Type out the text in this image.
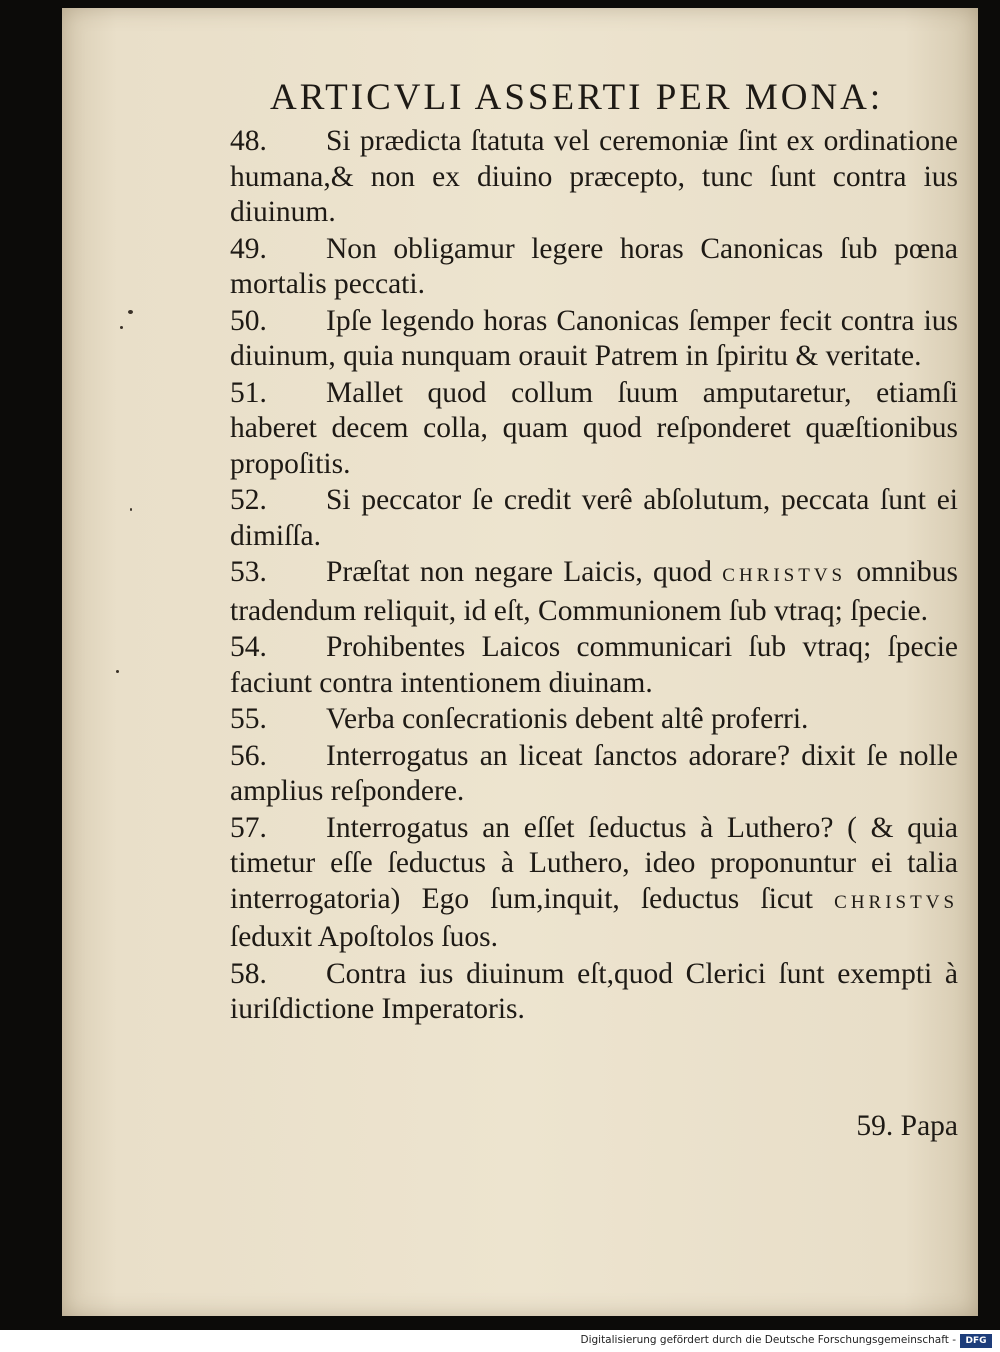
ARTICVLI ASSERTI PER MONA:

48. Si prædicta ſtatuta vel ceremoniæ ſint ex ordinatione humana,& non ex diuino præcepto, tunc ſunt contra ius diuinum.

49. Non obligamur legere horas Canonicas ſub pœna mortalis peccati.

50. Ipſe legendo horas Canonicas ſemper fecit contra ius diuinum, quia nunquam orauit Patrem in ſpiritu & veritate.

51. Mallet quod collum ſuum amputaretur, etiamſi haberet decem colla, quam quod reſponderet quæſtionibus propoſitis.

52. Si peccator ſe credit verê abſolutum, peccata ſunt ei dimiſſa.

53. Præſtat non negare Laicis, quod CHRISTVS omnibus tradendum reliquit, id eſt, Communionem ſub vtraq; ſpecie.

54. Prohibentes Laicos communicari ſub vtraq; ſpecie faciunt contra intentionem diuinam.

55. Verba conſecrationis debent altê proferri.

56. Interrogatus an liceat ſanctos adorare? dixit ſe nolle amplius reſpondere.

57. Interrogatus an eſſet ſeductus à Luthero? ( & quia timetur eſſe ſeductus à Luthero, ideo proponuntur ei talia interrogatoria) Ego ſum,inquit, ſeductus ſicut CHRISTVS ſeduxit Apoſtolos ſuos.

58. Contra ius diuinum eſt,quod Clerici ſunt exempti à iuriſdictione Imperatoris.

59. Papa
Digitalisierung gefördert durch die Deutsche Forschungsgemeinschaft -	DFG
